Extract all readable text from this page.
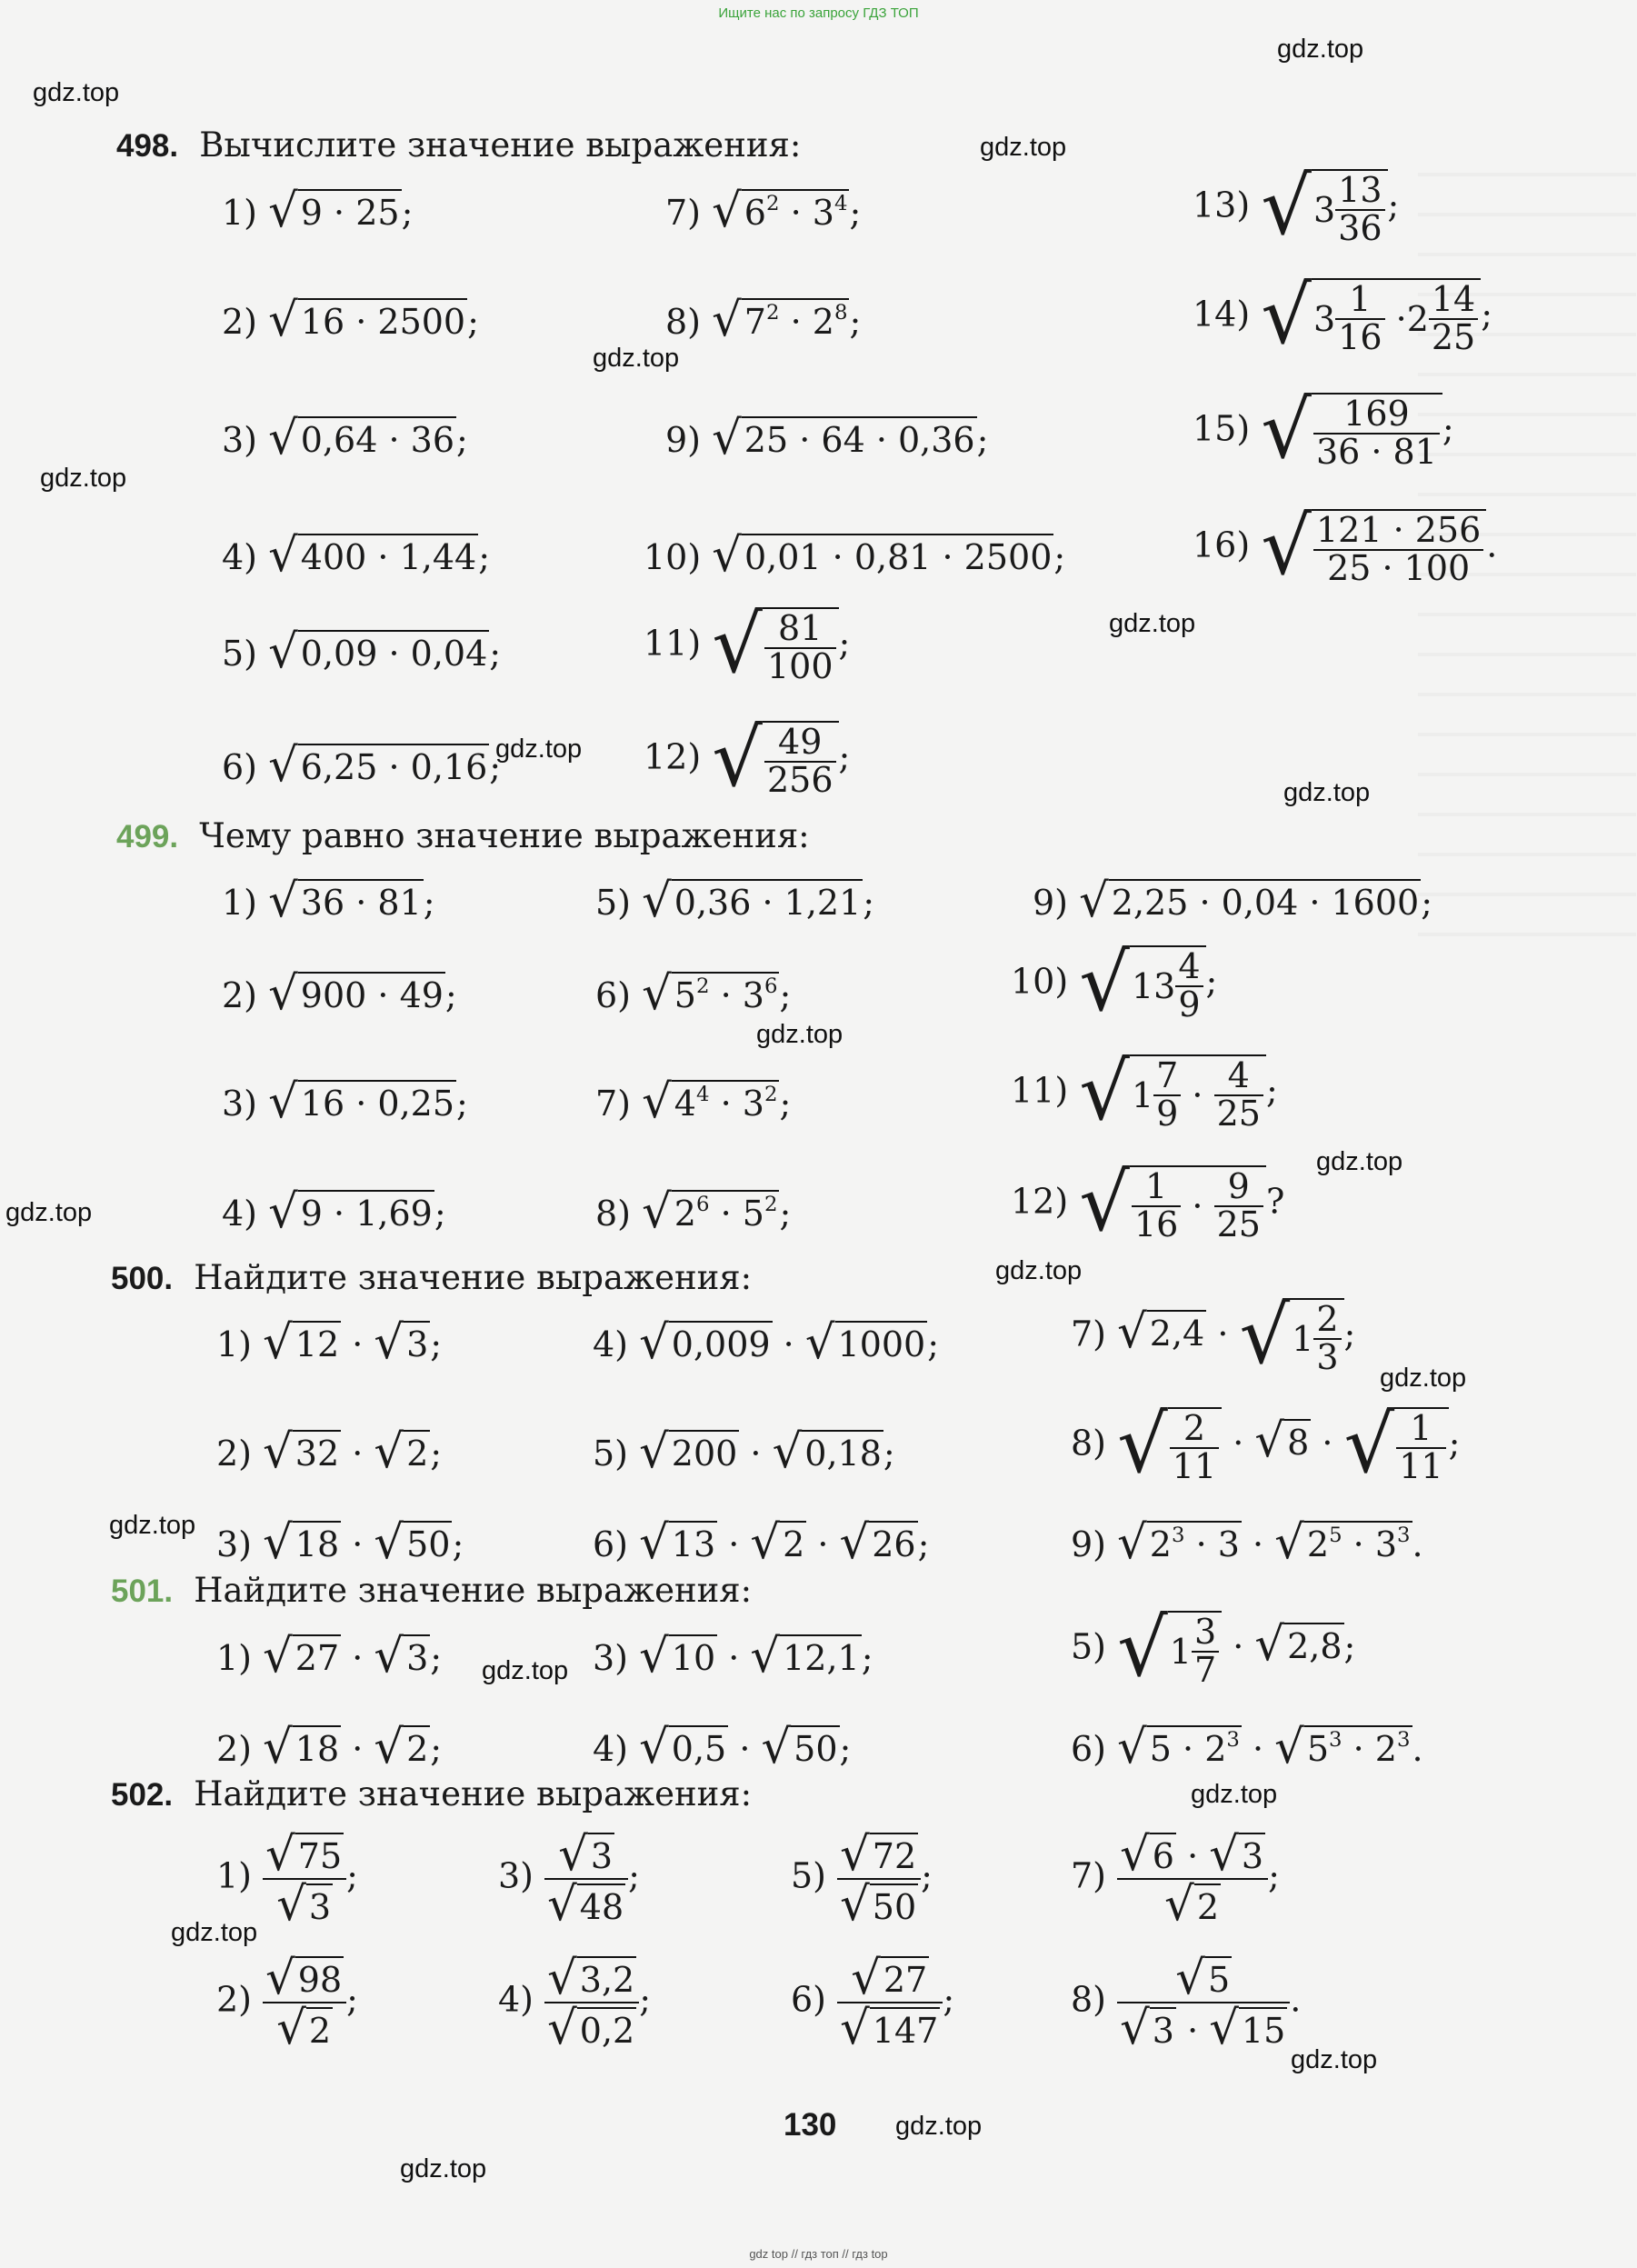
Ищите нас по запросу ГДЗ ТОП
gdz.top
gdz.top
gdz.top
gdz.top
gdz.top
gdz.top
gdz.top
gdz.top
gdz.top
gdz.top
gdz.top
gdz.top
gdz.top
gdz.top
gdz.top
gdz.top
gdz.top
gdz.top
gdz.top
gdz.top
498. Вычислите значение выражения:
1) √9 · 25;
2) √16 · 2500;
3) √0,64 · 36;
4) √400 · 1,44;
5) √0,09 · 0,04;
6) √6,25 · 0,16;
7) $√6^2 \cdot 3^4$;
8) $√7^2 \cdot 2^8$;
9) √25 · 64 · 0,36;
10) √0,01 · 0,81 · 2500;
11) √ $\frac{81}{100}$ ;
12) √ $\frac{49}{256}$ ;
13) √ $3 \frac{13}{36}$ ;
14) √ $3 \frac{1}{16} \cdot 2 \frac{14}{25}$ ;
15) √ $\frac{169}{36 \cdot 81}$ ;
16) √ $\frac{121 \cdot 256}{25 \cdot 100}$ .
499. Чему равно значение выражения:
1) √36 · 81;
2) √900 · 49;
3) √16 · 0,25;
4) √9 · 1,69;
5) √0,36 · 1,21;
6) $√5^2 \cdot 3^6$;
7) $√4^4 \cdot 3^2$;
8) $√2^6 \cdot 5^2$;
9) √2,25 · 0,04 · 1600;
10) √ $13 \frac{4}{9}$ ;
11) √ $1 \frac{7}{9} \cdot \frac{4}{25}$ ;
12) √ $\frac{1}{16} \cdot \frac{9}{25}$ ?
500. Найдите значение выражения:
1) √12 · √3;
2) √32 · √2;
3) √18 · √50;
4) √0,009 · √1000;
5) √200 · √0,18;
6) √13 · √2 · √26;
7) √2,4 · √ $1 \frac{2}{3}$ ;
8) √ $\frac{2}{11} \cdot √8$ · √ $\frac{1}{11}$ ;
9) $√2^3 \cdot 3 \cdot √2^5 \cdot 3^3$.
501. Найдите значение выражения:
1) √27 · √3;
2) √18 · √2;
3) √10 · √12,1;
4) √0,5 · √50;
5) √ $1 \frac{3}{7} \cdot √2,8$;
6) $√5 \cdot 2^3 \cdot √5^3 \cdot 2^3$.
502. Найдите значение выражения:
$1) \frac{√75}{√3}$ ;
$2) \frac{√98}{√2}$ ;
$3) \frac{√3}{√48}$ ;
$4) \frac{√3,2}{√0,2}$ ;
$5) \frac{√72}{√50}$ ;
$6) \frac{√27}{√147}$ ;
$7) \frac{√6 \cdot √3}{√2}$ ;
$8) \frac{√5}{√3 \cdot √15}$ .
130
gdz top // гдз топ // гдз top
